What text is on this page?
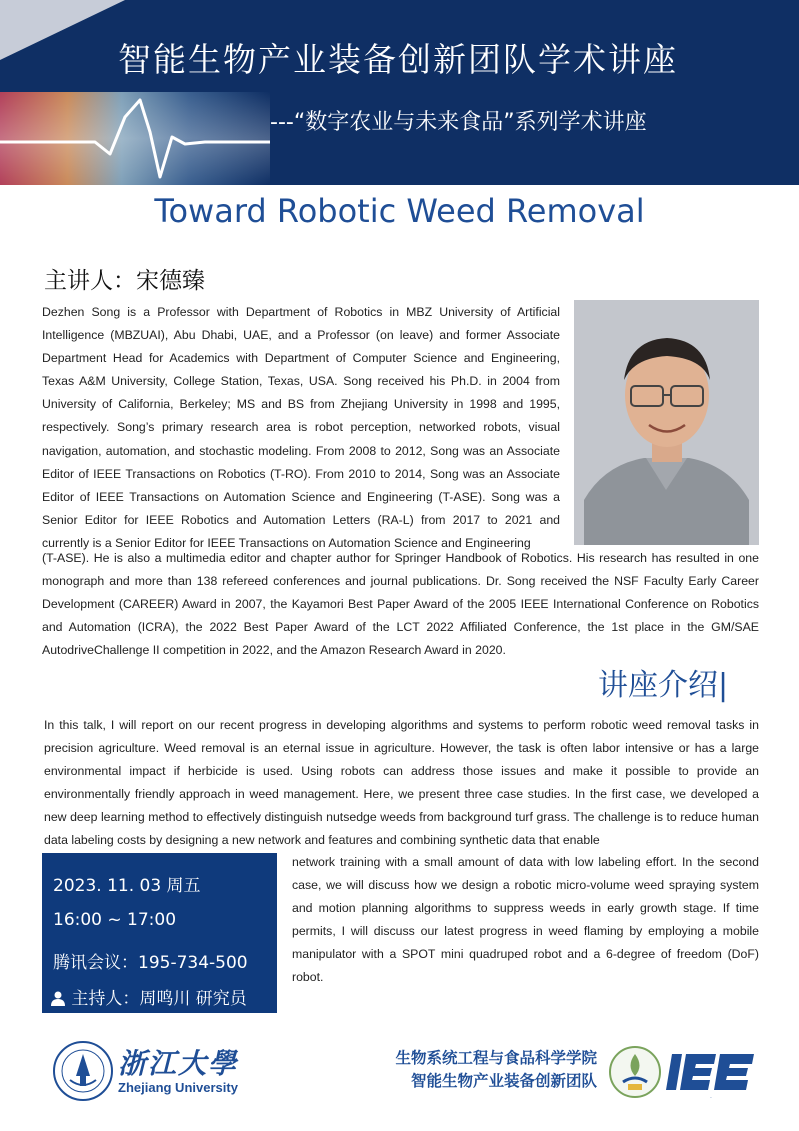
智能生物产业装备创新团队学术讲座
---“数字农业与未来食品”系列学术讲座
Toward Robotic Weed Removal
主讲人：宋德臻
Dezhen Song is a Professor with Department of Robotics in MBZ University of Artificial Intelligence (MBZUAI), Abu Dhabi, UAE, and a Professor (on leave) and former Associate Department Head for Academics with Department of Computer Science and Engineering, Texas A&M University, College Station, Texas, USA. Song received his Ph.D. in 2004 from University of California, Berkeley; MS and BS from Zhejiang University in 1998 and 1995, respectively. Song’s primary research area is robot perception, networked robots, visual navigation, automation, and stochastic modeling. From 2008 to 2012, Song was an Associate Editor of IEEE Transactions on Robotics (T-RO). From 2010 to 2014, Song was an Associate Editor of IEEE Transactions on Automation Science and Engineering (T-ASE). Song was a Senior Editor for IEEE Robotics and Automation Letters (RA-L) from 2017 to 2021 and currently is a Senior Editor for IEEE Transactions on Automation Science and Engineering
(T-ASE). He is also a multimedia editor and chapter author for Springer Handbook of Robotics. His research has resulted in one monograph and more than 138 refereed conferences and journal publications. Dr. Song received the NSF Faculty Early Career Development (CAREER) Award in 2007, the Kayamori Best Paper Award of the 2005 IEEE International Conference on Robotics and Automation (ICRA), the 2022 Best Paper Award of the LCT 2022 Affiliated Conference, the 1st place in the GM/SAE AutodriveChallenge II competition in 2022, and the Amazon Research Award in 2020.
讲座介绍|
In this talk, I will report on our recent progress in developing algorithms and systems to perform robotic weed removal tasks in precision agriculture. Weed removal is an eternal issue in agriculture. However, the task is often labor intensive or has a large environmental impact if herbicide is used. Using robots can address those issues and make it possible to provide an environmentally friendly approach in weed management. Here, we present three case studies. In the first case, we developed a new deep learning method to effectively distinguish nutsedge weeds from background turf grass. The challenge is to reduce human data labeling costs by designing a new network and features and combining synthetic data that enable
network training with a small amount of data with low labeling effort. In the second case, we will discuss how we design a robotic micro-volume weed spraying system and motion planning algorithms to suppress weeds in early growth stage. If time permits, I will discuss our latest progress in weed flaming by employing a mobile manipulator with a SPOT mini quadruped robot and a 6-degree of freedom (DoF) robot.
2023. 11. 03 周五
16:00 ~ 17:00
腾讯会议：195-734-500
主持人：周鸣川 研究员
浙江大學
Zhejiang University
生物系统工程与食品科学学院
智能生物产业装备创新团队
IBE
